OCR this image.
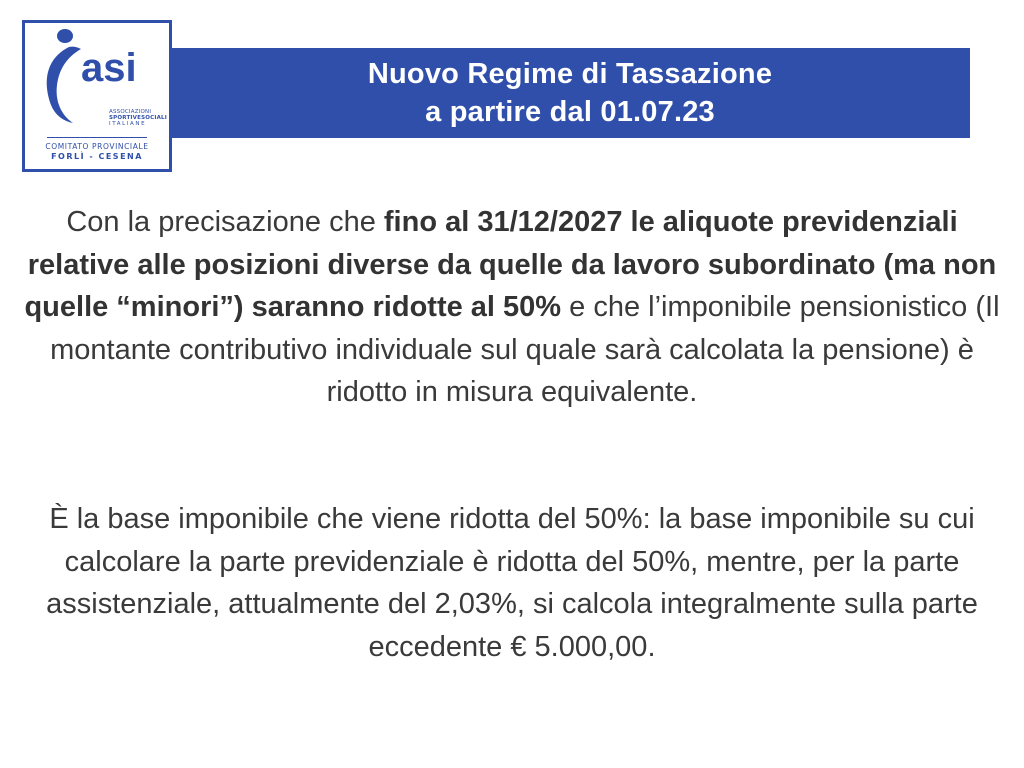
asi
ASSOCIAZIONI
SPORTIVESOCIALI
ITALIANE
COMITATO PROVINCIALE
FORLÌ - CESENA
Nuovo Regime di Tassazione
a partire dal 01.07.23
Con la precisazione che fino al 31/12/2027 le aliquote previdenziali relative alle posizioni diverse da quelle da lavoro subordinato (ma non quelle “minori”) saranno ridotte al 50% e che l’imponibile pensionistico (Il montante contributivo individuale sul quale sarà calcolata la pensione) è ridotto in misura equivalente.
È la base imponibile che viene ridotta del 50%: la base imponibile su cui calcolare la parte previdenziale è ridotta del 50%, mentre, per la parte assistenziale, attualmente del 2,03%, si calcola integralmente sulla parte eccedente € 5.000,00.
